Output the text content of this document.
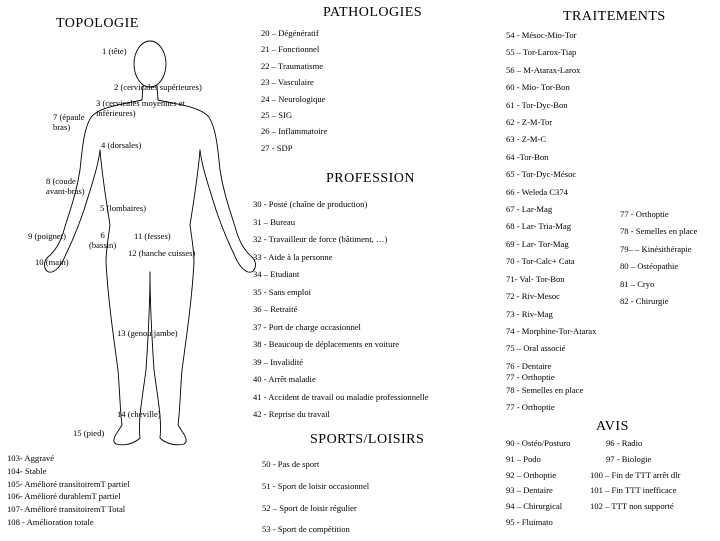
TOPOLOGIE
1 (tête)
2 (cervicales supérieures)
3 (cervicales moyennes et
inférieures)
7 (épaule
bras)
4 (dorsales)
8 (coude
avant-bras)
5 (lombaires)
9 (poignet)	6
(bassin)
11 (fesses)
12 (hanche cuisses)
10 (main)
13 (genou jambe)
14 (cheville)
15 (pied)
103- Aggravé
104- Stable
105- Amélioré transitoiremT partiel
106- Amélioré durablemT partiel
107- Amélioré transitoiremT Total
108 - Amélioration totale
PATHOLOGIES
20 – Dégénératif
21 – Fonctionnel
22 – Traumatisme
23 – Vasculaire
24 – Neurologique
25 – SIG
26 – Inflammatoire
27 - SDP
PROFESSION
30 - Posté (chaîne de production)
31 – Bureau
32 - Travailleur de force (bâtiment, …)
33 - Aide à la personne
34 – Etudiant
35 - Sans emploi
36 – Retraité
37 - Port de charge occasionnel
38 - Beaucoup de déplacements en voiture
39 – Invalidité
40 - Arrêt maladie
41 - Accident de travail ou maladie professionnelle
42 - Reprise du travail
SPORTS/LOISIRS
50 - Pas de sport
51 - Sport de loisir occasionnel
52 – Sport de loisir régulier
53 - Sport de compétition
TRAITEMENTS
54 - Mésoc-Mio-Tor
55 – Tor-Larox-Tiap
56 – M-Atarax-Larox
60 - Mio- Tor-Bon
61 - Tor-Dyc-Bon
62 - Z-M-Tor
63 - Z-M-C
64 -Tor-Bon
65 - Tor-Dyc-Mésoc
66 - Weleda C374
67 - Lar-Mag
68 - Lar- Tria-Mag
69 - Lar- Tor-Mag
70 - Tor-Calc+ Cata
71- Val- Tor-Bon
72 - Riv-Mesoc
73 - Riv-Mag
74 - Morphine-Tor-Atarax
75 – Oral associé
76 - Dentaire
77 - Orthoptie
78 - Semelles en place
77 - Orthoptie
77 - Orthoptie
78 - Semelles en place
79– – Kinésithérapie
80 – Ostéopathie
81 – Cryo
82 - Chirurgie
AVIS
90 - Ostéo/Posturo
91 – Podo
92 – Orthoptie
93 – Dentaire
94 – Chirurgical
95 - Fluimato
96 - Radio
97 - Biologie
100 – Fin de TTT arrêt dlr
101 – Fin TTT inefficace
102 – TTT non supporté
